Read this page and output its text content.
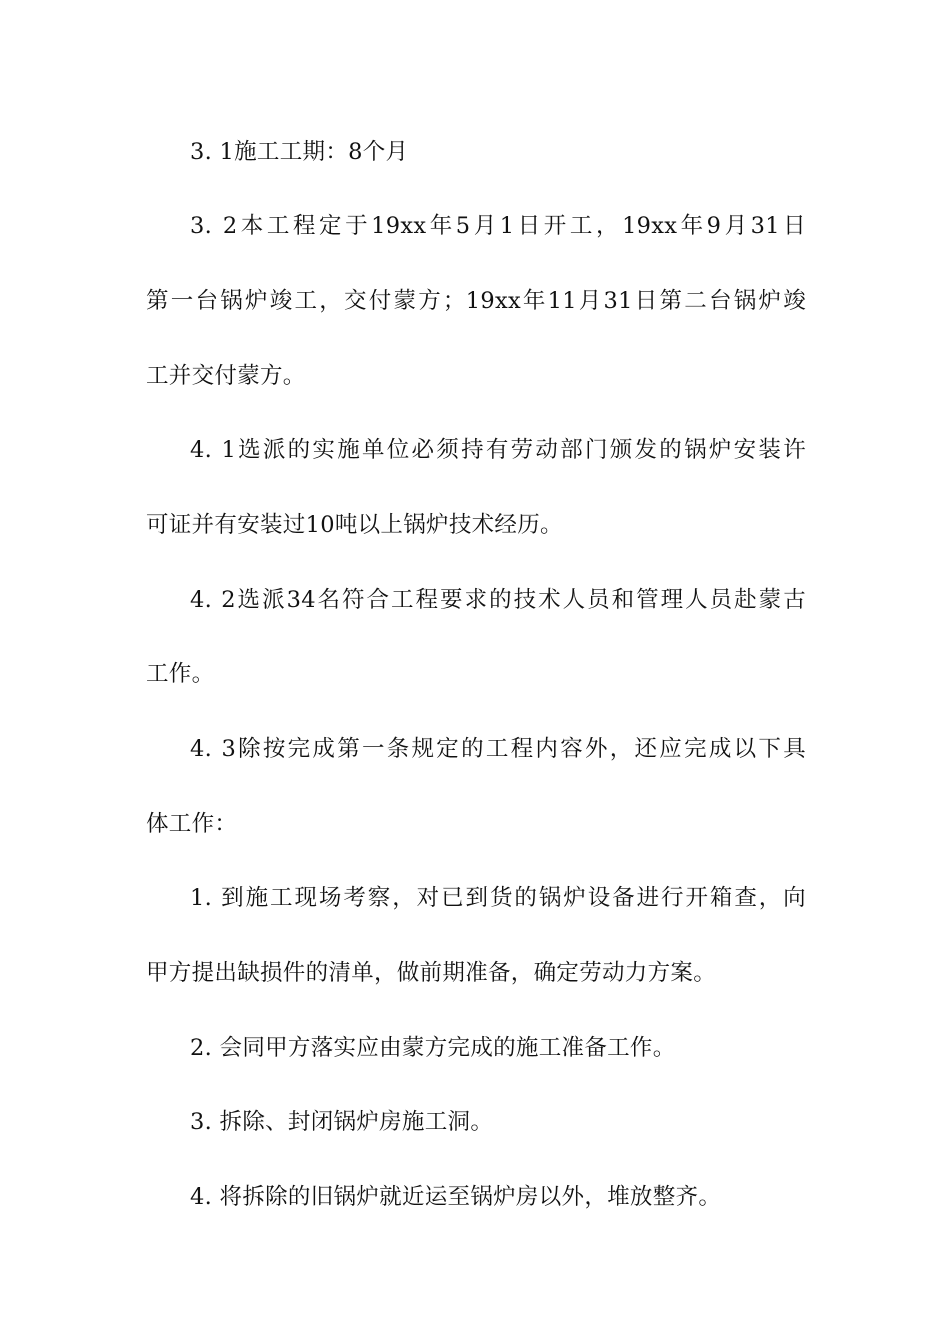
3. 1施工工期：8个月
3. 2本工程定于19xx年5月1日开工，19xx年9月31日
第一台锅炉竣工，交付蒙方；19xx年11月31日第二台锅炉竣
工并交付蒙方。
4. 1选派的实施单位必须持有劳动部门颁发的锅炉安装许
可证并有安装过10吨以上锅炉技术经历。
4. 2选派34名符合工程要求的技术人员和管理人员赴蒙古
工作。
4. 3除按完成第一条规定的工程内容外，还应完成以下具
体工作：
1. 到施工现场考察，对已到货的锅炉设备进行开箱查，向
甲方提出缺损件的清单，做前期准备，确定劳动力方案。
2. 会同甲方落实应由蒙方完成的施工准备工作。
3. 拆除、封闭锅炉房施工洞。
4. 将拆除的旧锅炉就近运至锅炉房以外，堆放整齐。
